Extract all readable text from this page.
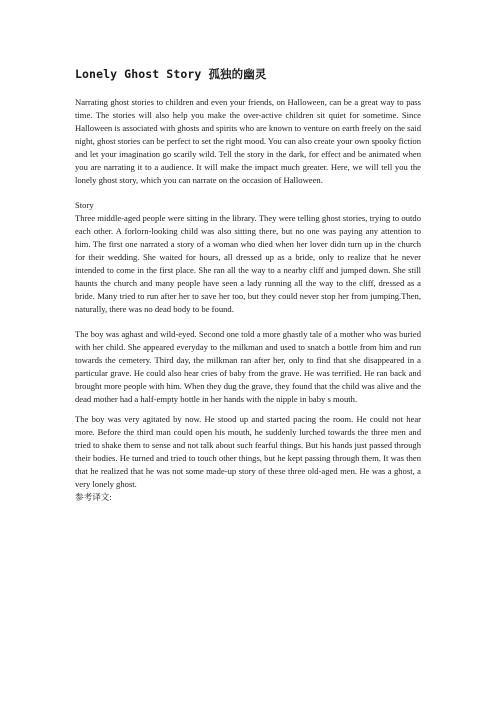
Lonely Ghost Story 孤独的幽灵

Narrating ghost stories to children and even your friends, on Halloween, can be a great way to pass time. The stories will also help you make the over-active children sit quiet for sometime. Since Halloween is associated with ghosts and spirits who are known to venture on earth freely on the said night, ghost stories can be perfect to set the right mood. You can also create your own spooky fiction and let your imagination go scarily wild. Tell the story in the dark, for effect and be animated when you are narrating it to a audience. It will make the impact much greater. Here, we will tell you the lonely ghost story, which you can narrate on the occasion of Halloween.

Story

Three middle-aged people were sitting in the library. They were telling ghost stories, trying to outdo each other. A forlorn-looking child was also sitting there, but no one was paying any attention to him. The first one narrated a story of a woman who died when her lover didn turn up in the church for their wedding. She waited for hours, all dressed up as a bride, only to realize that he never intended to come in the first place. She ran all the way to a nearby cliff and jumped down. She still haunts the church and many people have seen a lady running all the way to the cliff, dressed as a bride. Many tried to run after her to save her too, but they could never stop her from jumping.Then, naturally, there was no dead body to be found.

The boy was aghast and wild-eyed. Second one told a more ghastly tale of a mother who was buried with her child. She appeared everyday to the milkman and used to snatch a bottle from him and run towards the cemetery. Third day, the milkman ran after her, only to find that she disappeared in a particular grave. He could also hear cries of baby from the grave. He was terrified. He ran back and brought more people with him. When they dug the grave, they found that the child was alive and the dead mother had a half-empty bottle in her hands with the nipple in baby s mouth.

The boy was very agitated by now. He stood up and started pacing the room. He could not hear more. Before the third man could open his mouth, he suddenly lurched towards the three men and tried to shake them to sense and not talk about such fearful things. But his hands just passed through their bodies. He turned and tried to touch other things, but he kept passing through them. It was then that he realized that he was not some made-up story of these three old-aged men. He was a ghost, a very lonely ghost.

参考译文:
